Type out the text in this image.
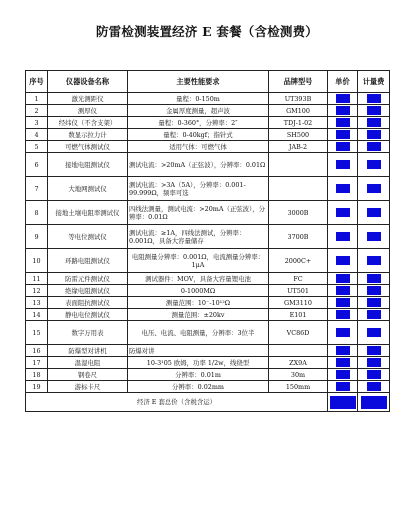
防雷检测装置经济 E 套餐（含检测费）
序号	仪器设备名称	主要性能要求	品牌型号	单价	计量费
1	激光测距仪	量程：0-150m	UT393B		
2	测厚仪	金属厚度测量，超声波	GM100		
3	经纬仪（不含支架）	量程：0-360°，分辨率：2″	TDJ-1-02		
4	数显示拉力计	量程：0-40kgf；指针式	SH500		
5	可燃气体测试仪	适用气体：可燃气体	JAB-2		
6	接地电阻测试仪	测试电流：>20mA（正弦波），分辨率：0.01Ω			
7	大地网测试仪	测试电流：>3A（5A），分辨率：0.001-99.999Ω，频率可选			
8	接地土壤电阻率测试仪	四线法测量，测试电流：>20mA（正弦波），分辨率：0.01Ω	3000B		
9	等电位测试仪	测试电流：≥1A，四线法测试，分辨率：0.001Ω，具备大容量储存	3700B		
10	环路电阻测试仪	电阻测量分辨率：0.001Ω，电流测量分辨率：1μA	2000C+		
11	防雷元件测试仪	测试器件：MOV，具备大容量锂电池	FC		
12	绝缘电阻测试仪	0-1000MΩ	UT501		
13	表面阻抗测试仪	测量范围：10⁻-10¹²Ω	GM3110		
14	静电电位测试仪	测量范围：±20kv	E101		
15	数字万用表	电压、电流、电阻测量，分辨率：3位半	VC86D		
16	防爆型对讲机	防爆对讲			
17	温湿电阻	10-3¹05 欧姆，功率 1/2w，线绕型	ZX9A		
18	钢卷尺	分辨率：0.01m	30m		
19	游标卡尺	分辨率：0.02mm	150mm		
经济 E 套总价（含税含运）					
